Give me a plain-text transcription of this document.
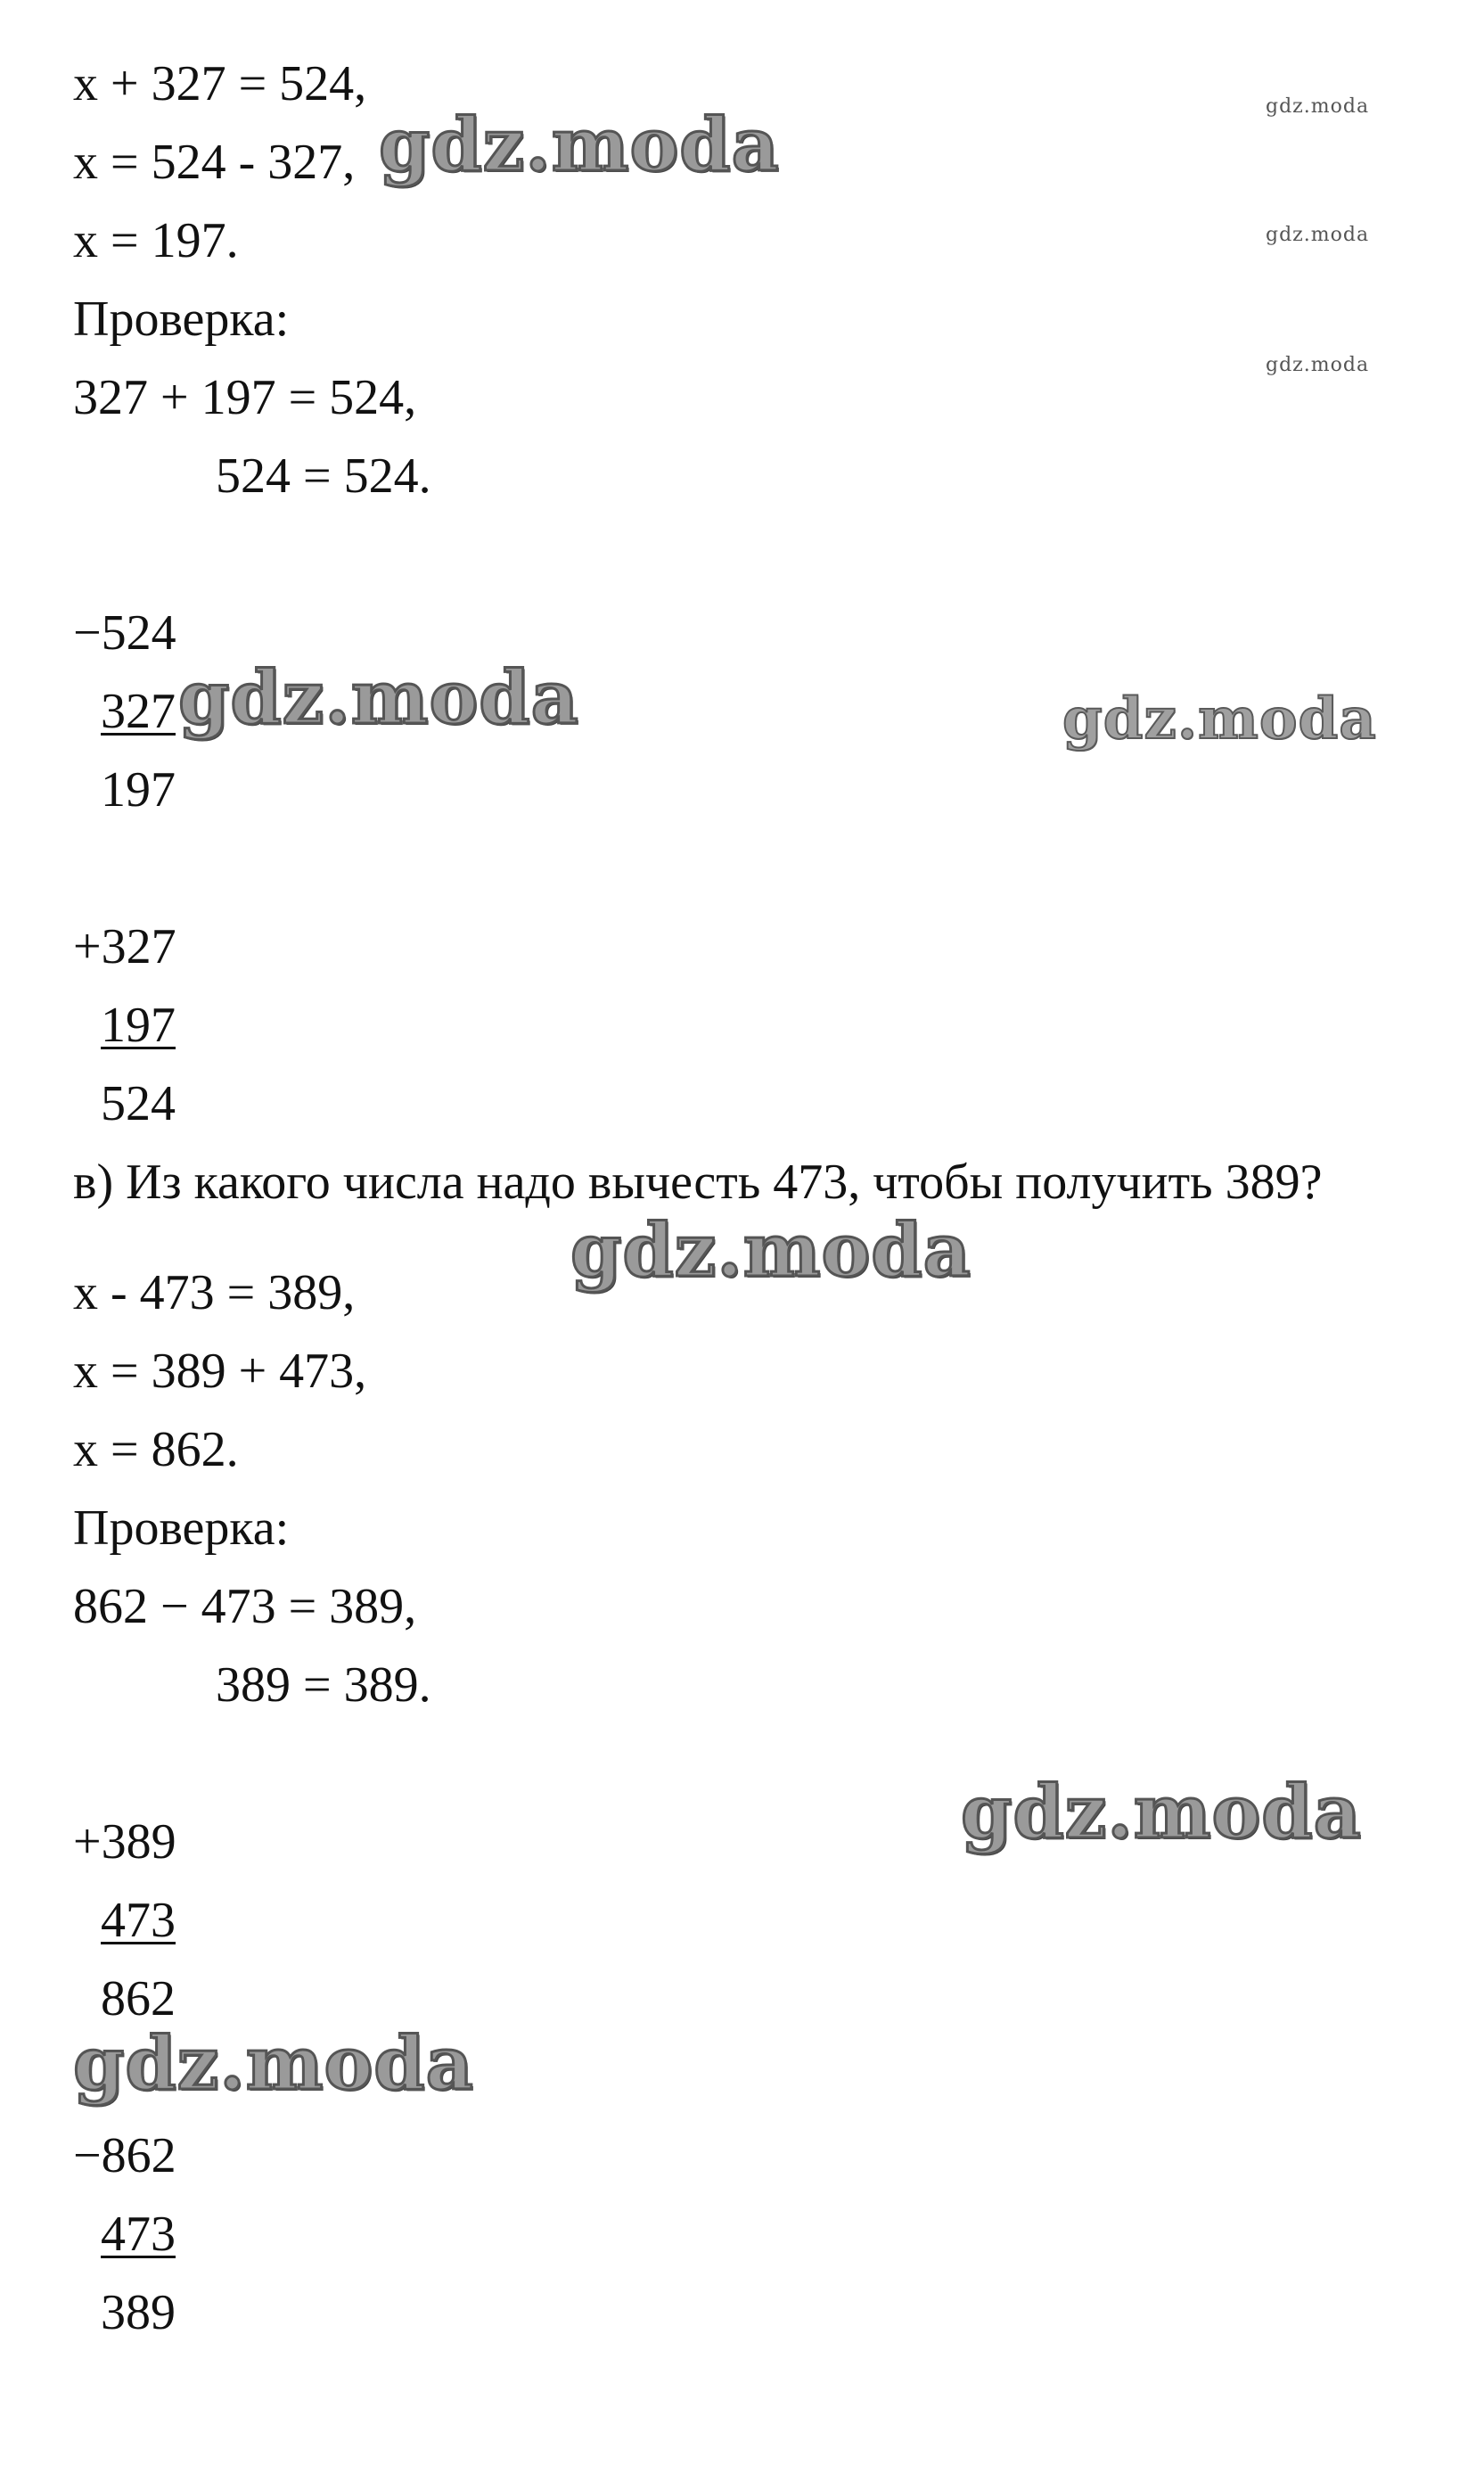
x + 327 = 524,
x = 524 - 327,
x = 197.
Проверка:
327 + 197 = 524,
524 = 524.
−524
327
197
+327
197
524
в) Из какого числа надо вычесть 473, чтобы получить 389?
x - 473 = 389,
x = 389 + 473,
x = 862.
Проверка:
862 − 473 = 389,
389 = 389.
+389
473
862
−862
473
389
gdz.moda	gdz.moda
gdz.moda
gdz.moda
gdz.moda	gdz.moda
gdz.moda
gdz.moda
gdz.moda
